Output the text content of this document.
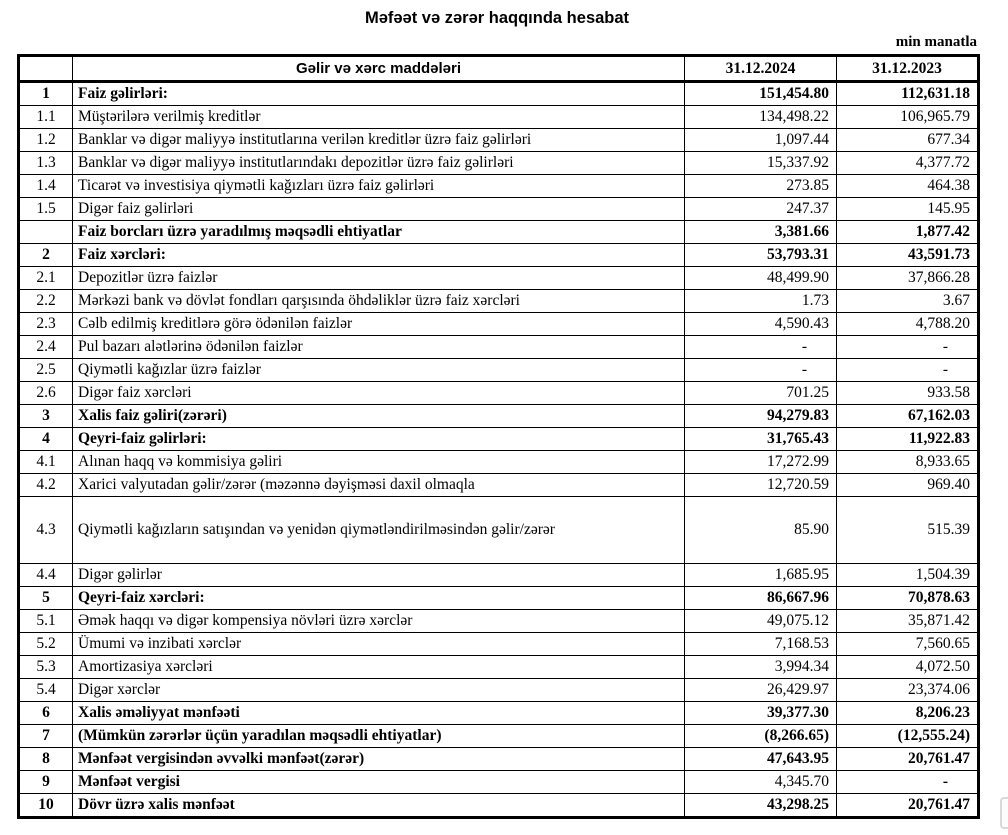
Məfəət və zərər haqqında hesabat
min manatla
	Gəlir və xərc maddələri	31.12.2024	31.12.2023
1	Faiz gəlirləri:	151,454.80	112,631.18
1.1	Müştərilərə verilmiş kreditlər	134,498.22	106,965.79
1.2	Banklar və digər maliyyə institutlarına verilən kreditlər üzrə faiz gəlirləri	1,097.44	677.34
1.3	Banklar və digər maliyyə institutlarındakı depozitlər üzrə faiz gəlirləri	15,337.92	4,377.72
1.4	Ticarət və investisiya qiymətli kağızları üzrə faiz gəlirləri	273.85	464.38
1.5	Digər faiz gəlirləri	247.37	145.95
	Faiz borcları üzrə yaradılmış məqsədli ehtiyatlar	3,381.66	1,877.42
2	Faiz xərcləri:	53,793.31	43,591.73
2.1	Depozitlər üzrə faizlər	48,499.90	37,866.28
2.2	Mərkəzi bank və dövlət fondları qarşısında öhdəliklər üzrə faiz xərcləri	1.73	3.67
2.3	Cəlb edilmiş kreditlərə görə ödənilən faizlər	4,590.43	4,788.20
2.4	Pul bazarı alətlərinə ödənilən faizlər	-	-
2.5	Qiymətli kağızlar üzrə faizlər	-	-
2.6	Digər faiz xərcləri	701.25	933.58
3	Xalis faiz gəliri(zərəri)	94,279.83	67,162.03
4	Qeyri-faiz gəlirləri:	31,765.43	11,922.83
4.1	Alınan haqq və kommisiya gəliri	17,272.99	8,933.65
4.2	Xarici valyutadan gəlir/zərər (məzənnə dəyişməsi daxil olmaqla	12,720.59	969.40
4.3	Qiymətli kağızların satışından və yenidən qiymətləndirilməsindən gəlir/zərər	85.90	515.39
4.4	Digər gəlirlər	1,685.95	1,504.39
5	Qeyri-faiz xərcləri:	86,667.96	70,878.63
5.1	Əmək haqqı və digər kompensiya növləri üzrə xərclər	49,075.12	35,871.42
5.2	Ümumi və inzibati xərclər	7,168.53	7,560.65
5.3	Amortizasiya xərcləri	3,994.34	4,072.50
5.4	Digər xərclər	26,429.97	23,374.06
6	Xalis əməliyyat mənfəəti	39,377.30	8,206.23
7	(Mümkün zərərlər üçün yaradılan məqsədli ehtiyatlar)	(8,266.65)	(12,555.24)
8	Mənfəət vergisindən əvvəlki mənfəət(zərər)	47,643.95	20,761.47
9	Mənfəət vergisi	4,345.70	-
10	Dövr üzrə xalis mənfəət	43,298.25	20,761.47
